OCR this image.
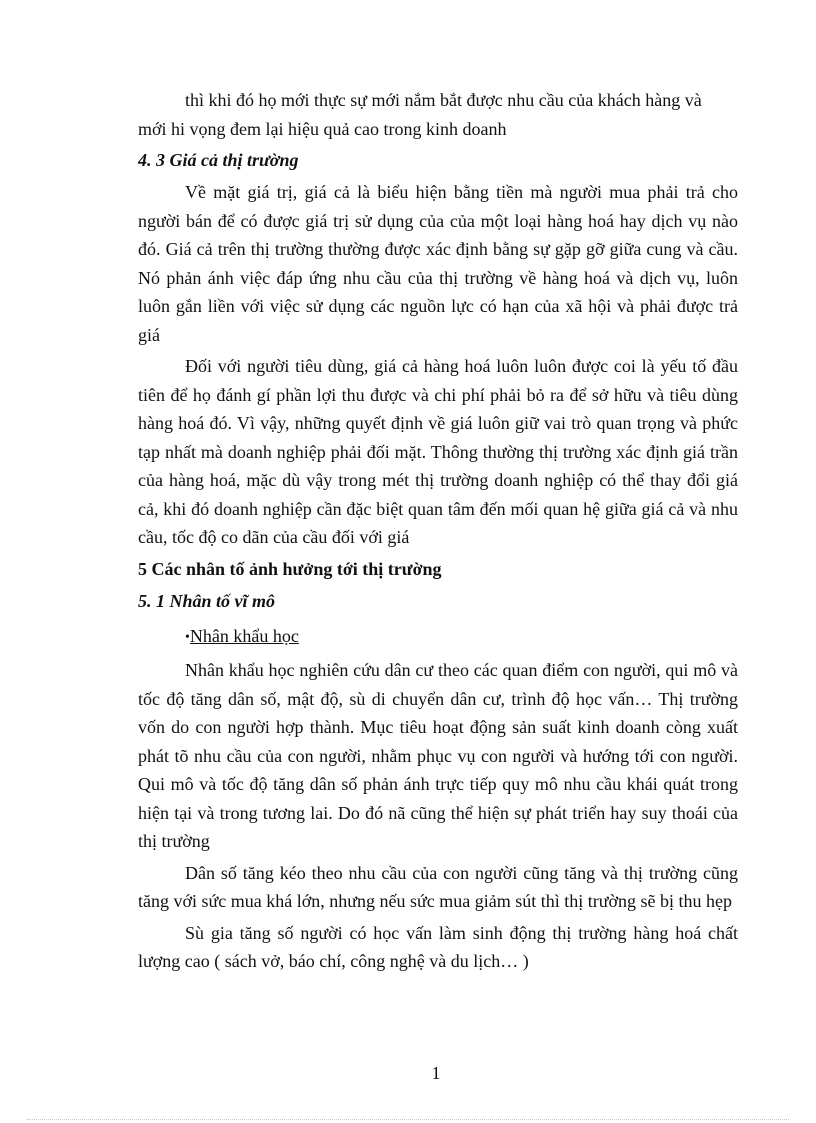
thì khi đó họ mới thực sự mới nắm bắt được nhu cầu của khách hàng và

mới hi vọng đem lại hiệu quả cao trong kinh doanh

4. 3 Giá cả thị trường

Về mặt giá trị, giá cả là biểu hiện bằng tiền mà người mua phải trả cho người bán để có được giá trị sử dụng của của một loại hàng hoá hay dịch vụ nào đó. Giá cả trên thị trường thường được xác định bằng sự gặp gỡ giữa cung và cầu. Nó phản ánh việc đáp ứng nhu cầu của thị trường về hàng hoá và dịch vụ, luôn luôn gắn liền với việc sử dụng các nguồn lực có hạn của xã hội và phải được trả giá

Đối với người tiêu dùng, giá cả hàng hoá luôn luôn được coi là yếu tố đầu tiên để họ đánh gí phần lợi thu được và chi phí phải bỏ ra để sở hữu và tiêu dùng hàng hoá đó. Vì vậy, những quyết định về giá luôn giữ vai trò quan trọng và phức tạp nhất mà doanh nghiệp phải đối mặt. Thông thường thị trường xác định giá trần của hàng hoá, mặc dù vậy trong mét thị trường doanh nghiệp có thể thay đổi giá cả, khi đó doanh nghiệp cần đặc biệt quan tâm đến mối quan hệ giữa giá cả và nhu cầu, tốc độ co dãn của cầu đối với giá

5 Các nhân tố ảnh hưởng tới thị trường
5. 1 Nhân tố vĩ mô

•Nhân khẩu học

Nhân khẩu học nghiên cứu dân cư theo các quan điểm con người, qui mô và tốc độ tăng dân số, mật độ, sù di chuyển dân cư, trình độ học vấn… Thị trường vốn do con người hợp thành. Mục tiêu hoạt động sản suất kinh doanh còng xuất phát tõ nhu cầu của con người, nhằm phục vụ con người và hướng tới con người. Qui mô và tốc độ tăng dân số phản ánh trực tiếp quy mô nhu cầu khái quát trong hiện tại và trong tương lai. Do đó nã cũng thể hiện sự phát triển hay suy thoái của thị trường

Dân số tăng kéo theo nhu cầu của con người cũng tăng và thị trường cũng tăng với sức mua khá lớn, nhưng nếu sức mua giảm sút thì thị trường sẽ bị thu hẹp

Sù gia tăng số người có học vấn làm sinh động thị trường hàng hoá chất lượng cao ( sách vở, báo chí, công nghệ và du lịch… )

1
